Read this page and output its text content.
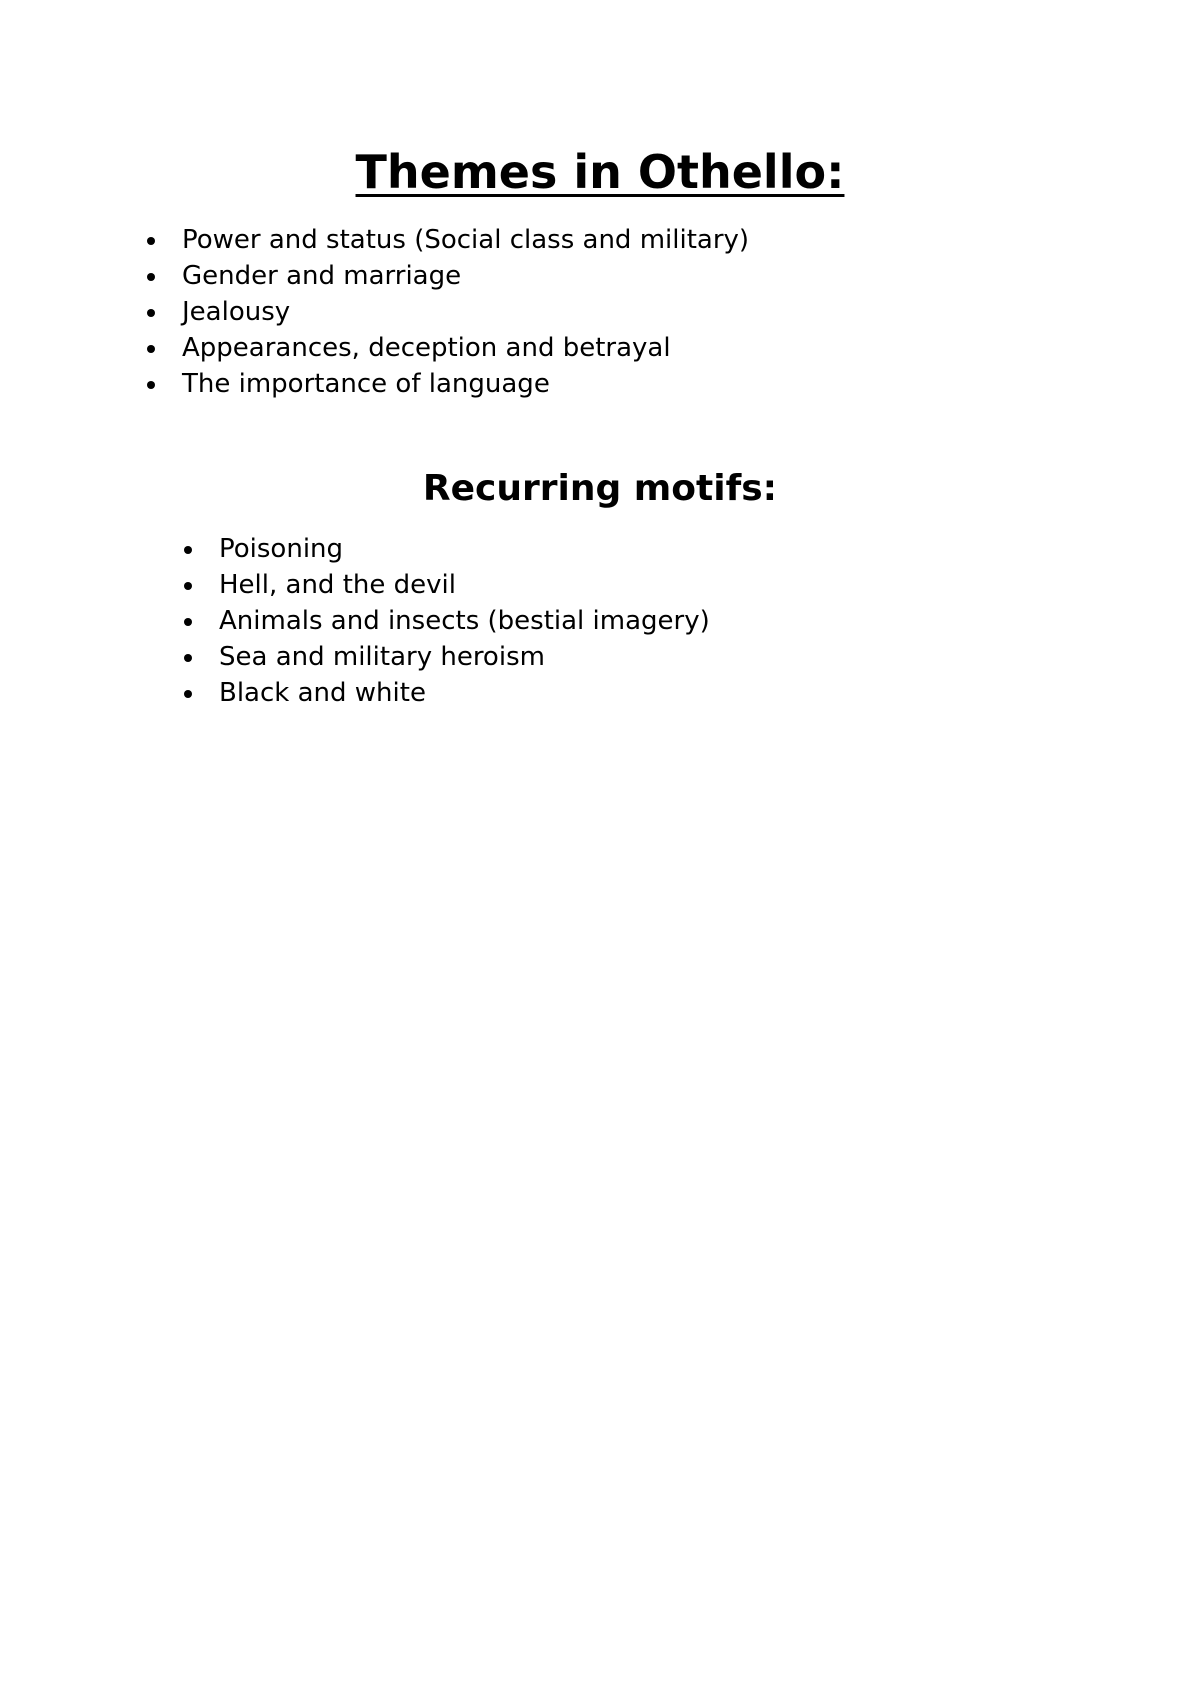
Themes in Othello:
Power and status (Social class and military)
Gender and marriage
Jealousy
Appearances, deception and betrayal
The importance of language
Recurring motifs:
Poisoning
Hell, and the devil
Animals and insects (bestial imagery)
Sea and military heroism
Black and white
